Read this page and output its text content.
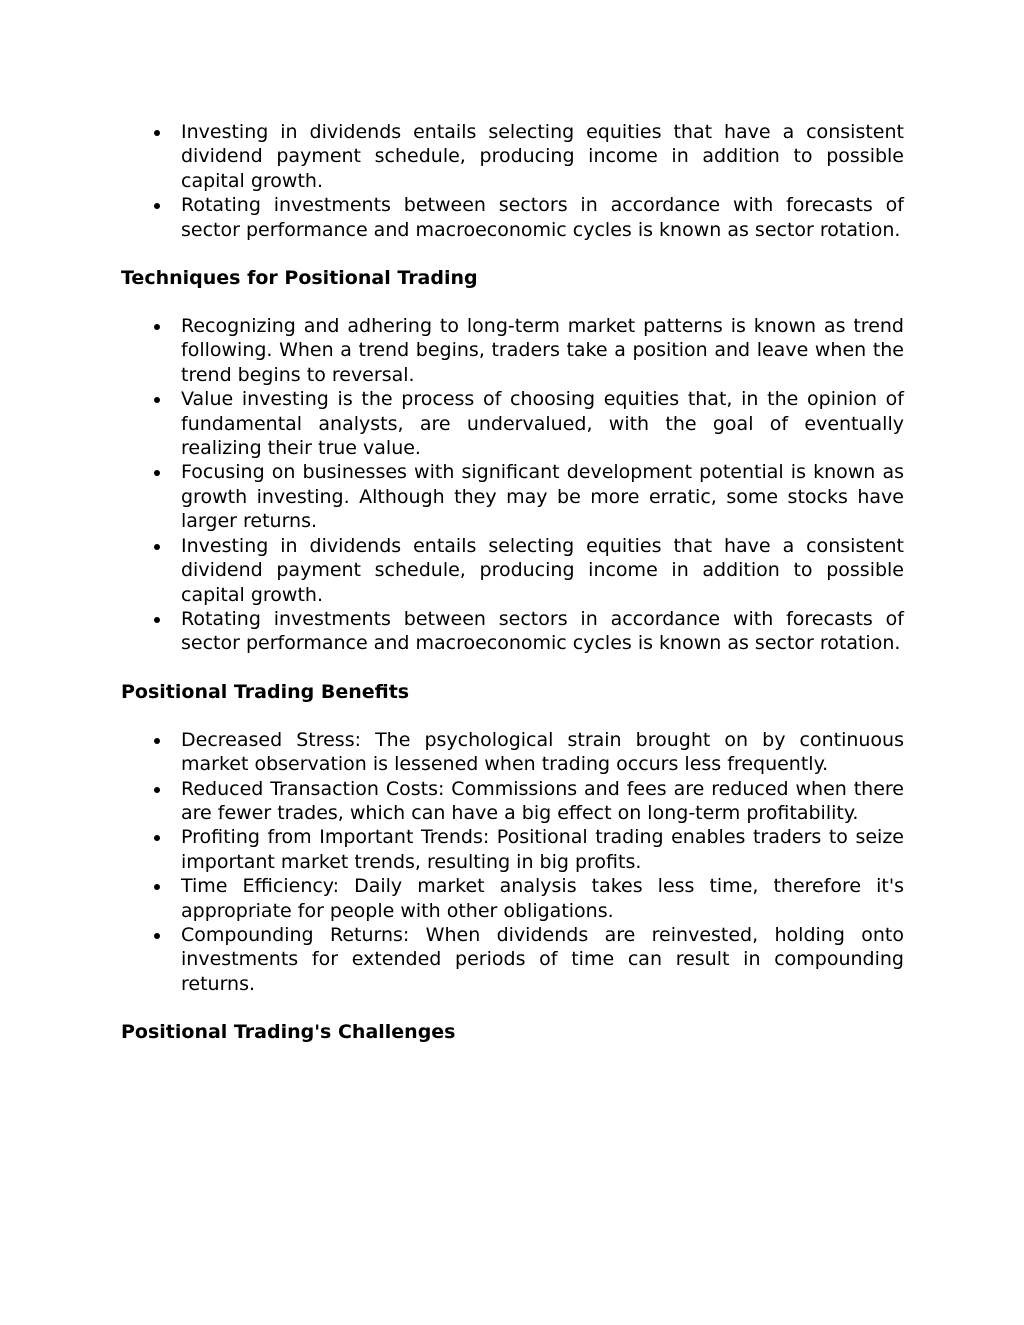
Investing in dividends entails selecting equities that have a consistent dividend payment schedule, producing income in addition to possible capital growth.
Rotating investments between sectors in accordance with forecasts of sector performance and macroeconomic cycles is known as sector rotation.
Techniques for Positional Trading
Recognizing and adhering to long-term market patterns is known as trend following. When a trend begins, traders take a position and leave when the trend begins to reversal.
Value investing is the process of choosing equities that, in the opinion of fundamental analysts, are undervalued, with the goal of eventually realizing their true value.
Focusing on businesses with significant development potential is known as growth investing. Although they may be more erratic, some stocks have larger returns.
Investing in dividends entails selecting equities that have a consistent dividend payment schedule, producing income in addition to possible capital growth.
Rotating investments between sectors in accordance with forecasts of sector performance and macroeconomic cycles is known as sector rotation.
Positional Trading Benefits
Decreased Stress: The psychological strain brought on by continuous market observation is lessened when trading occurs less frequently.
Reduced Transaction Costs: Commissions and fees are reduced when there are fewer trades, which can have a big effect on long-term profitability.
Profiting from Important Trends: Positional trading enables traders to seize important market trends, resulting in big profits.
Time Efficiency: Daily market analysis takes less time, therefore it's appropriate for people with other obligations.
Compounding Returns: When dividends are reinvested, holding onto investments for extended periods of time can result in compounding returns.
Positional Trading's Challenges
